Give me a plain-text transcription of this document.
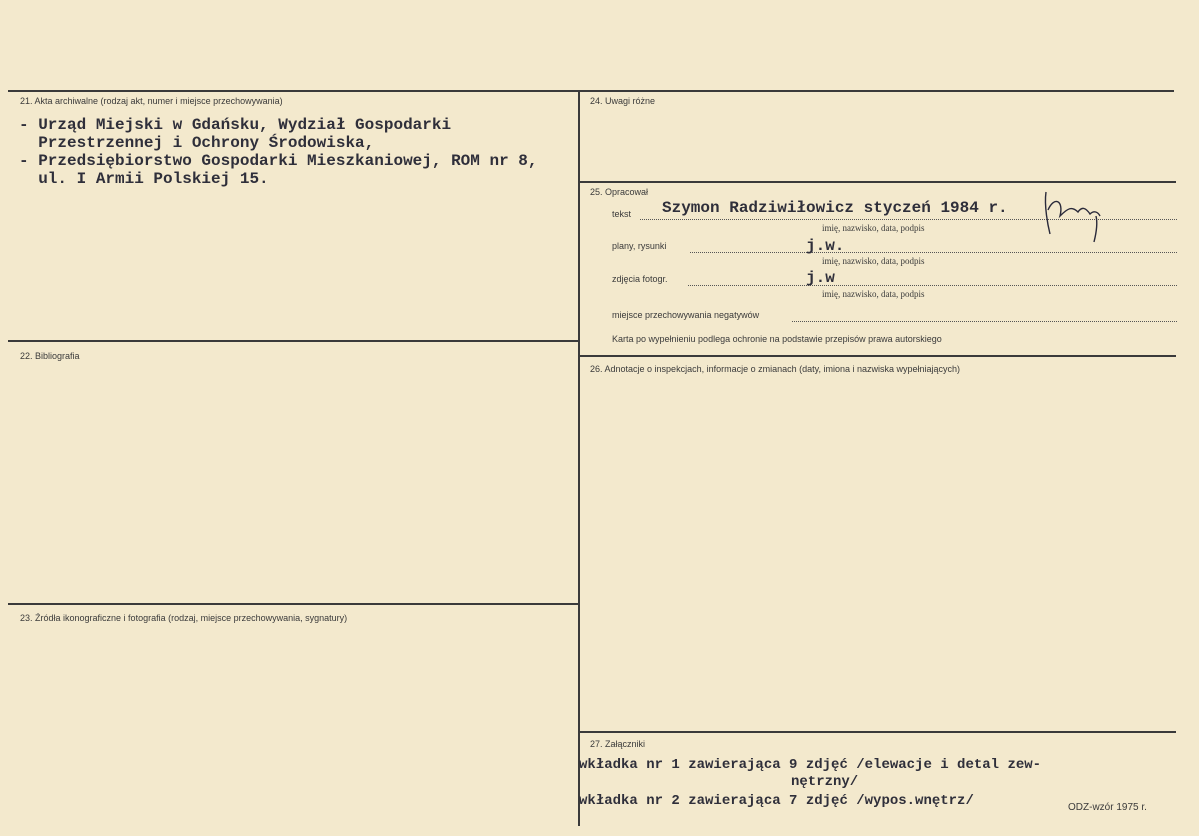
21. Akta archiwalne (rodzaj akt, numer i miejsce przechowywania)
- Urząd Miejski w Gdańsku, Wydział Gospodarki
Przestrzennej i Ochrony Środowiska,
- Przedsiębiorstwo Gospodarki Mieszkaniowej, ROM nr 8,
ul. I Armii Polskiej 15.
22. Bibliografia
23. Źródła ikonograficzne i fotografia (rodzaj, miejsce przechowywania, sygnatury)
24. Uwagi różne
25. Opracował
tekst Szymon Radziwiłowicz styczeń 1984 r.
imię, nazwisko, data, podpis
plany, rysunki	j.w.
imię, nazwisko, data, podpis
zdjęcia fotogr.	j.w
imię, nazwisko, data, podpis
miejsce przechowywania negatywów
Karta po wypełnieniu podlega ochronie na podstawie przepisów prawa autorskiego
26. Adnotacje o inspekcjach, informacje o zmianach (daty, imiona i nazwiska wypełniających)
27. Załączniki
wkładka nr 1 zawierająca 9 zdjęć /elewacje i detal zew-
nętrzny/
wkładka nr 2 zawierająca 7 zdjęć /wypos.wnętrz/	ODZ-wzór 1975 r.
